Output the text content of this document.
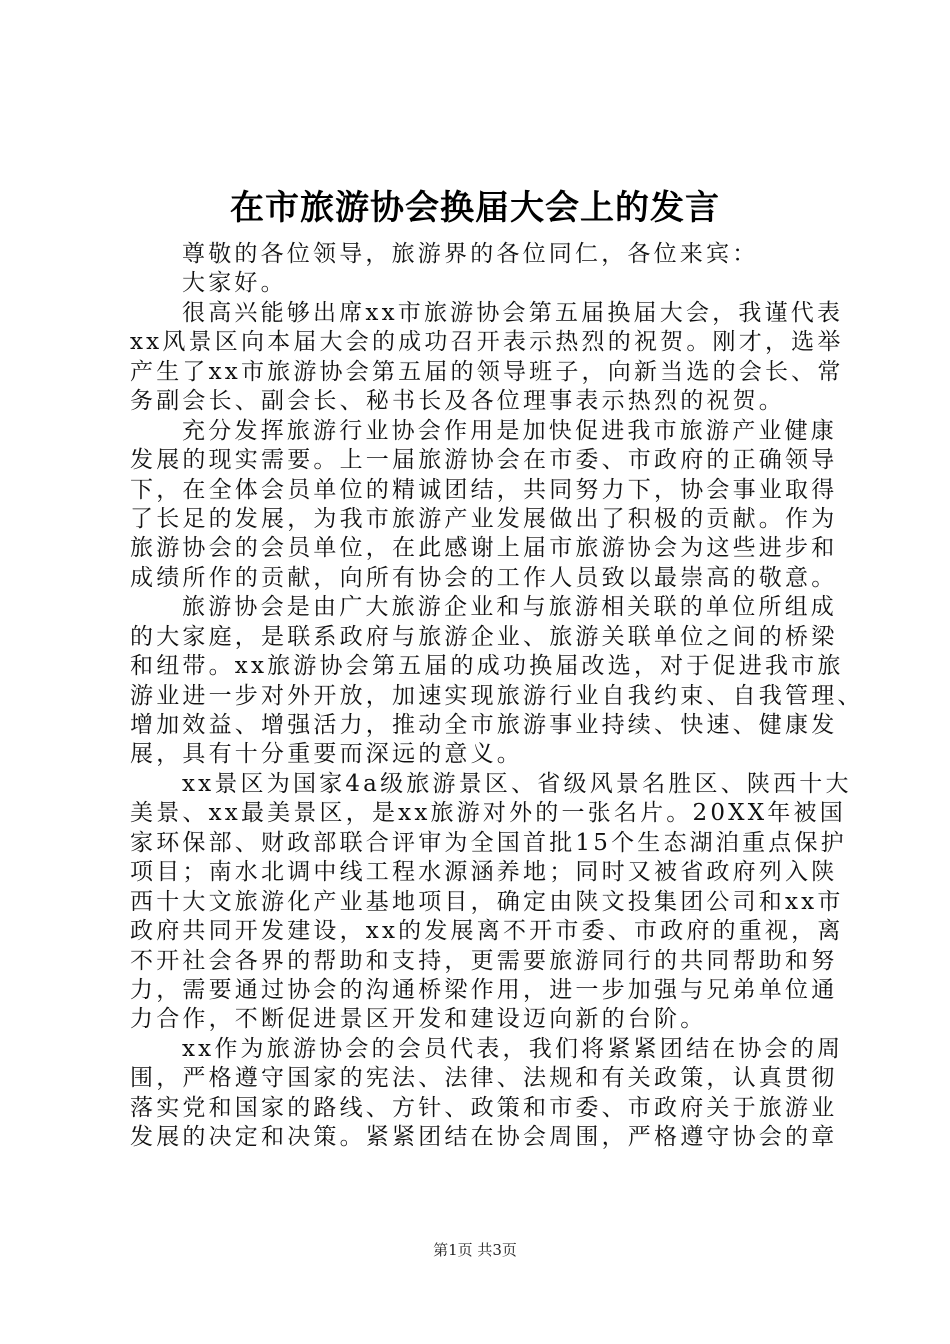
在市旅游协会换届大会上的发言
尊敬的各位领导，旅游界的各位同仁，各位来宾：
大家好。
很高兴能够出席xx市旅游协会第五届换届大会，我谨代表
xx风景区向本届大会的成功召开表示热烈的祝贺。刚才，选举
产生了xx市旅游协会第五届的领导班子，向新当选的会长、常
务副会长、副会长、秘书长及各位理事表示热烈的祝贺。
充分发挥旅游行业协会作用是加快促进我市旅游产业健康
发展的现实需要。上一届旅游协会在市委、市政府的正确领导
下，在全体会员单位的精诚团结，共同努力下，协会事业取得
了长足的发展，为我市旅游产业发展做出了积极的贡献。作为
旅游协会的会员单位，在此感谢上届市旅游协会为这些进步和
成绩所作的贡献，向所有协会的工作人员致以最崇高的敬意。
旅游协会是由广大旅游企业和与旅游相关联的单位所组成
的大家庭，是联系政府与旅游企业、旅游关联单位之间的桥梁
和纽带。xx旅游协会第五届的成功换届改选，对于促进我市旅
游业进一步对外开放，加速实现旅游行业自我约束、自我管理、
增加效益、增强活力，推动全市旅游事业持续、快速、健康发
展，具有十分重要而深远的意义。
xx景区为国家4a级旅游景区、省级风景名胜区、陕西十大
美景、xx最美景区，是xx旅游对外的一张名片。20XX年被国
家环保部、财政部联合评审为全国首批15个生态湖泊重点保护
项目；南水北调中线工程水源涵养地；同时又被省政府列入陕
西十大文旅游化产业基地项目，确定由陕文投集团公司和xx市
政府共同开发建设，xx的发展离不开市委、市政府的重视，离
不开社会各界的帮助和支持，更需要旅游同行的共同帮助和努
力，需要通过协会的沟通桥梁作用，进一步加强与兄弟单位通
力合作，不断促进景区开发和建设迈向新的台阶。
xx作为旅游协会的会员代表，我们将紧紧团结在协会的周
围，严格遵守国家的宪法、法律、法规和有关政策，认真贯彻
落实党和国家的路线、方针、政策和市委、市政府关于旅游业
发展的决定和决策。紧紧团结在协会周围，严格遵守协会的章
第1页 共3页
